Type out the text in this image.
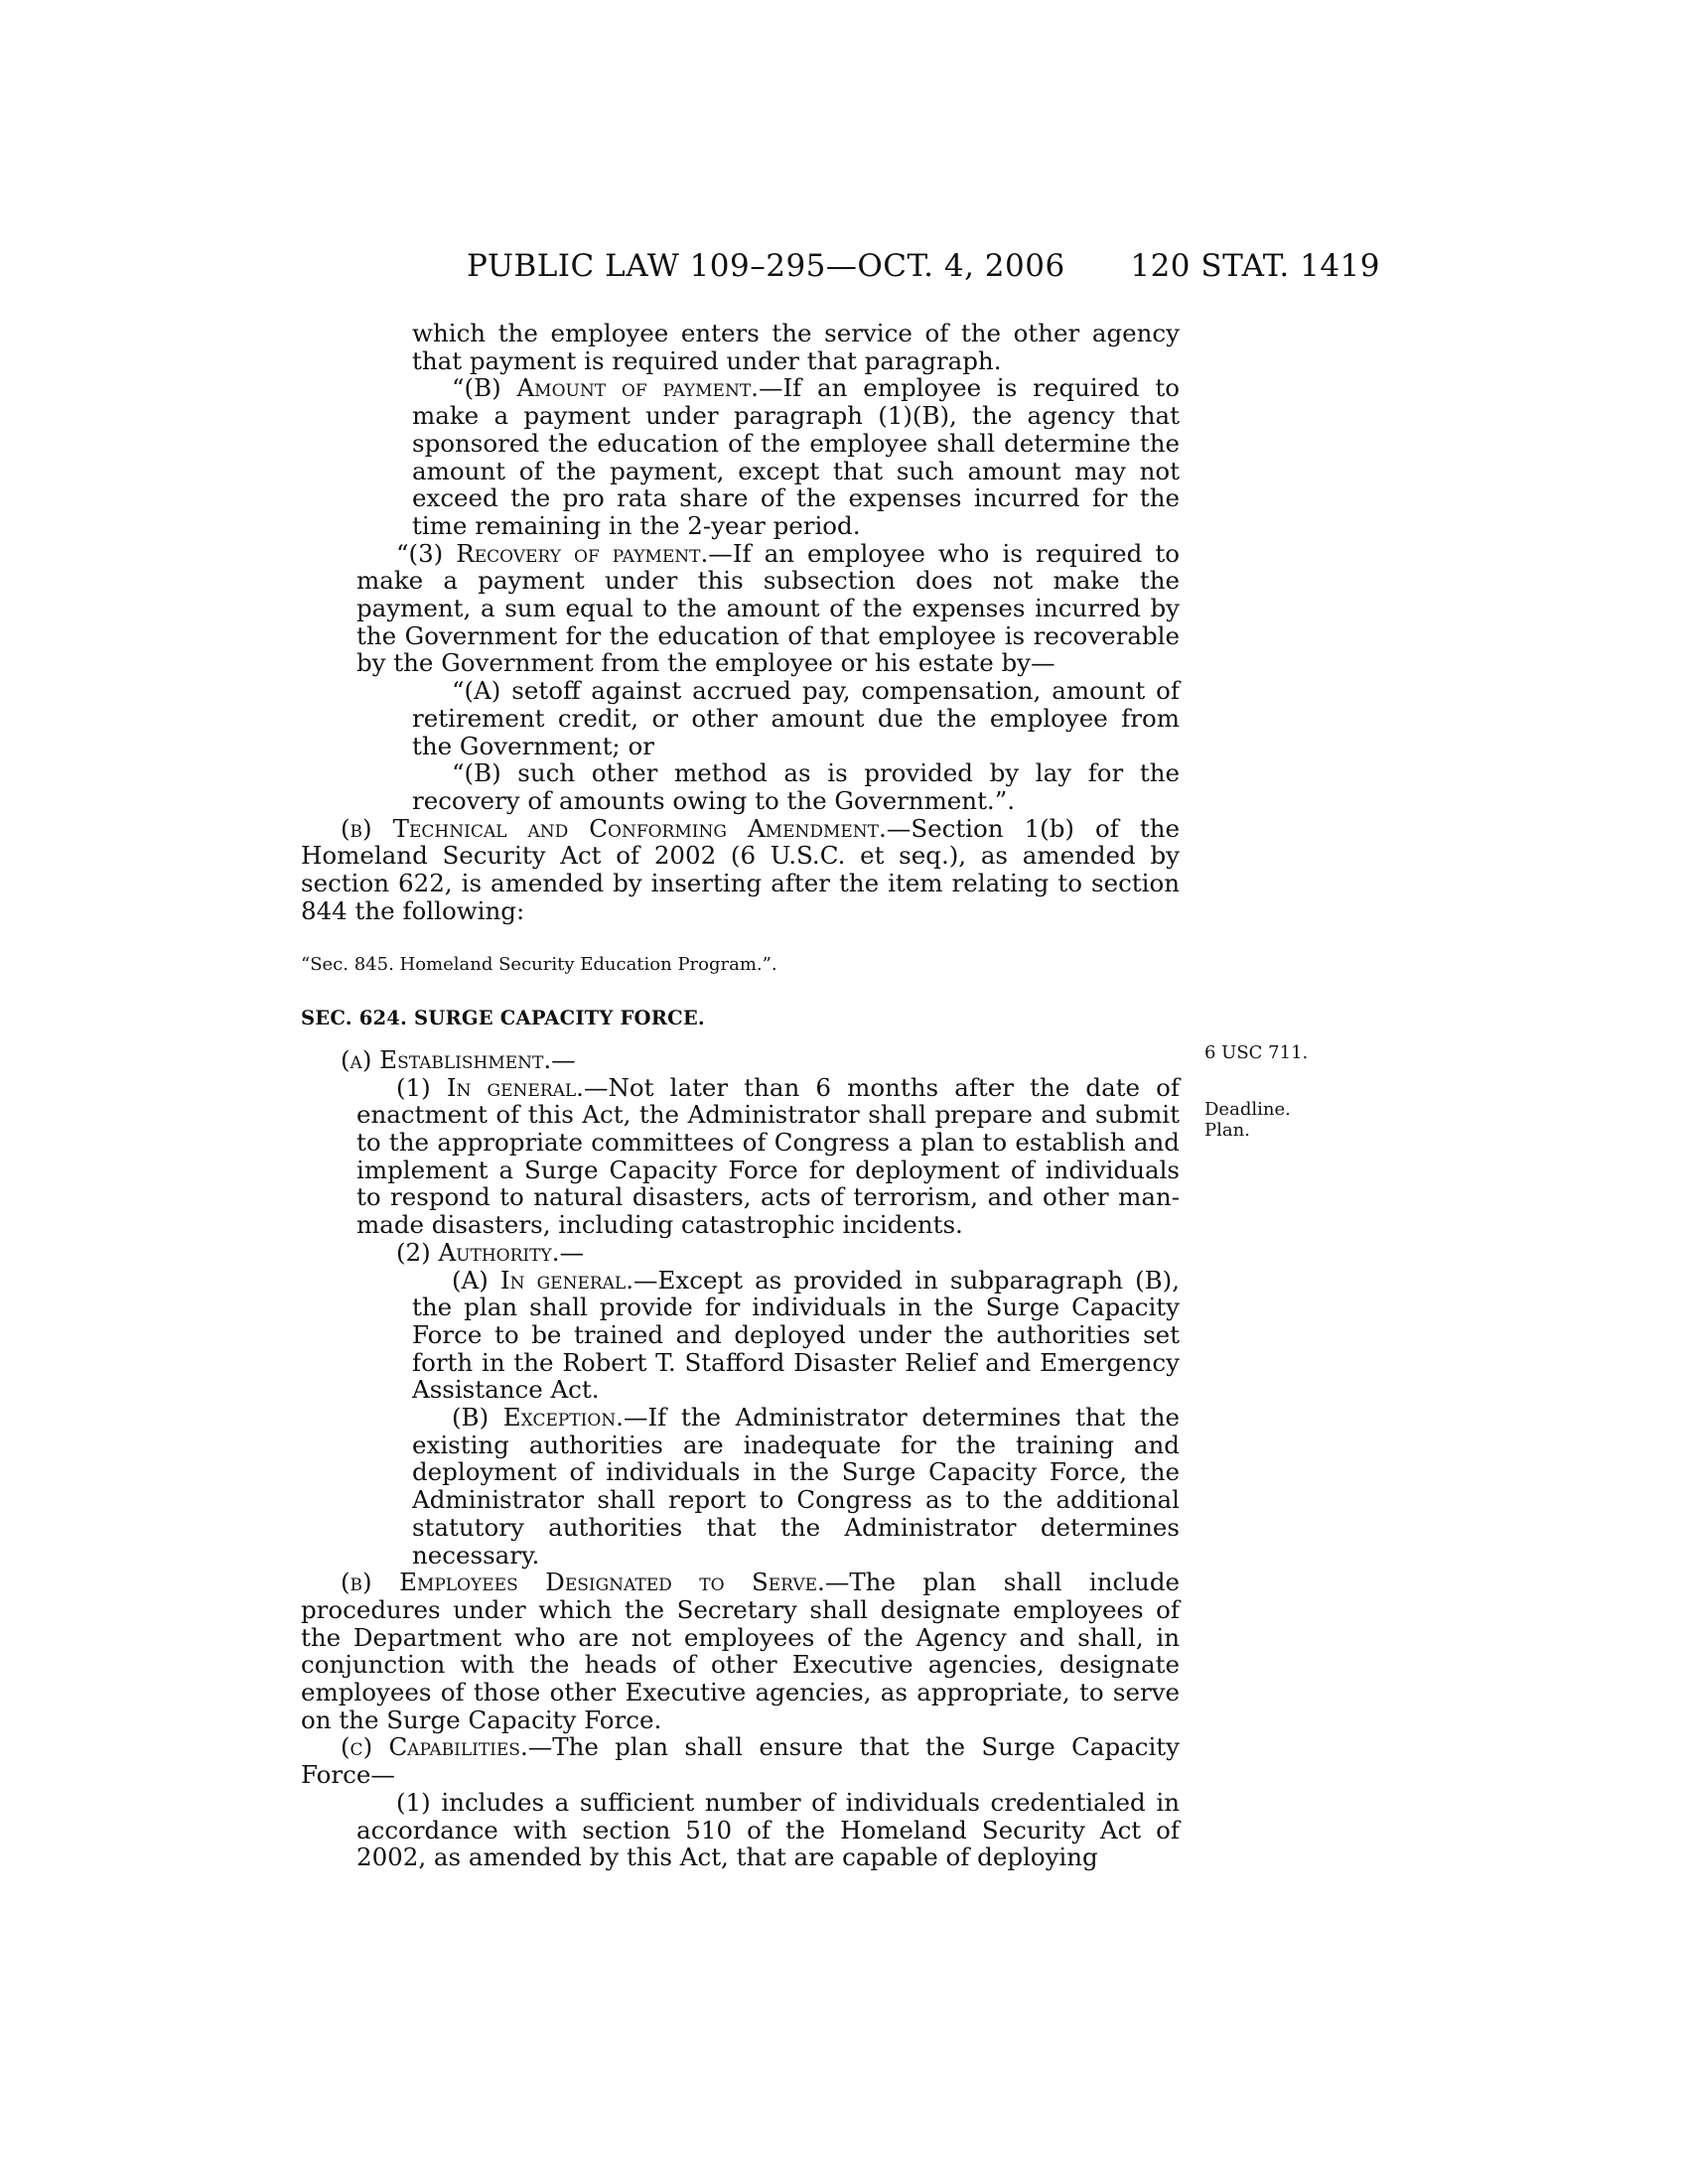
PUBLIC LAW 109–295—OCT. 4, 2006 120 STAT. 1419

which the employee enters the service of the other agency that payment is required under that paragraph.

“(B) Amount of payment.—If an employee is required to make a payment under paragraph (1)(B), the agency that sponsored the education of the employee shall determine the amount of the payment, except that such amount may not exceed the pro rata share of the expenses incurred for the time remaining in the 2-year period.

“(3) Recovery of payment.—If an employee who is required to make a payment under this subsection does not make the payment, a sum equal to the amount of the expenses incurred by the Government for the education of that employee is recoverable by the Government from the employee or his estate by—

“(A) setoff against accrued pay, compensation, amount of retirement credit, or other amount due the employee from the Government; or

“(B) such other method as is provided by lay for the recovery of amounts owing to the Government.”.

(b) Technical and Conforming Amendment.—Section 1(b) of the Homeland Security Act of 2002 (6 U.S.C. et seq.), as amended by section 622, is amended by inserting after the item relating to section 844 the following:

“Sec. 845. Homeland Security Education Program.”.
SEC. 624. SURGE CAPACITY FORCE.

(a) Establishment.—

(1) In general.—Not later than 6 months after the date of enactment of this Act, the Administrator shall prepare and submit to the appropriate committees of Congress a plan to establish and implement a Surge Capacity Force for deployment of individuals to respond to natural disasters, acts of terrorism, and other man-made disasters, including catastrophic incidents.

(2) Authority.—

(A) In general.—Except as provided in subparagraph (B), the plan shall provide for individuals in the Surge Capacity Force to be trained and deployed under the authorities set forth in the Robert T. Stafford Disaster Relief and Emergency Assistance Act.

(B) Exception.—If the Administrator determines that the existing authorities are inadequate for the training and deployment of individuals in the Surge Capacity Force, the Administrator shall report to Congress as to the additional statutory authorities that the Administrator determines necessary.

(b) Employees Designated to Serve.—The plan shall include procedures under which the Secretary shall designate employees of the Department who are not employees of the Agency and shall, in conjunction with the heads of other Executive agencies, designate employees of those other Executive agencies, as appropriate, to serve on the Surge Capacity Force.

(c) Capabilities.—The plan shall ensure that the Surge Capacity Force—

(1) includes a sufficient number of individuals credentialed in accordance with section 510 of the Homeland Security Act of 2002, as amended by this Act, that are capable of deploying

6 USC 711.
Deadline.
Plan.
